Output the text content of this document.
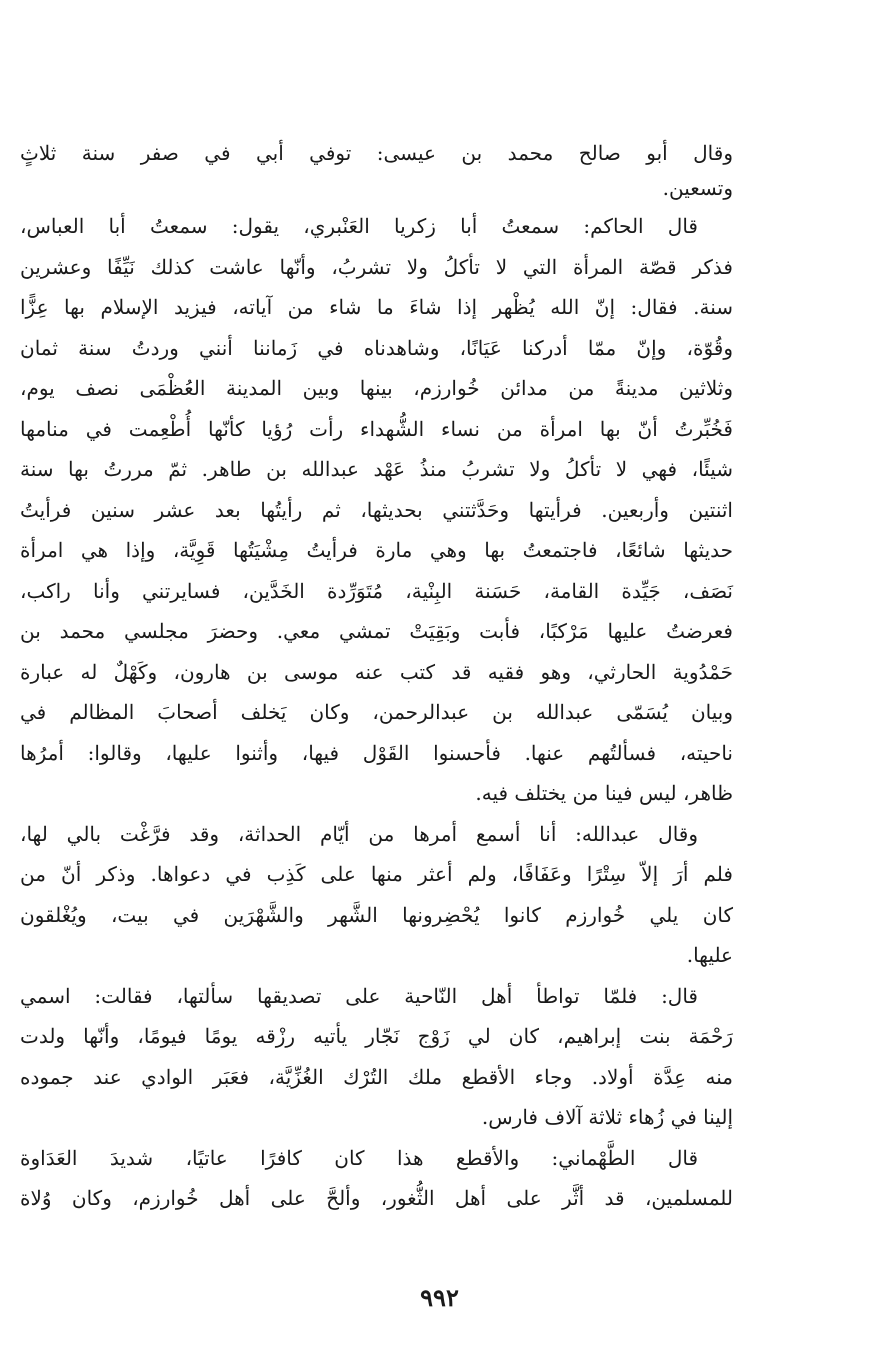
وقال أبو صالح محمد بن عيسى: توفي أبي في صفر سنة ثلاثٍ
وتسعين.
قال الحاكم: سمعتُ أبا زكريا العَنْبري، يقول: سمعتُ أبا العباس،
فذكر قصّة المرأة التي لا تأكلُ ولا تشربُ، وأنّها عاشت كذلك نَيِّفًا وعشرين
سنة. فقال: إنّ الله يُظْهر إذا شاءَ ما شاء من آياته، فيزيد الإسلام بها عِزًّا
وقُوّة، وإنّ ممّا أدركنا عَيَانًا، وشاهدناه في زَماننا أنني وردتُ سنة ثمان
وثلاثين مدينةً من مدائن خُوارزم، بينها وبين المدينة العُظْمَى نصف يوم،
فَخُبِّرتُ أنّ بها امرأة من نساء الشُّهداء رأت رُؤيا كأنّها أُطْعِمت في منامها
شيئًا، فهي لا تأكلُ ولا تشربُ منذُ عَهْد عبدالله بن طاهر. ثمّ مررتُ بها سنة
اثنتين وأربعين. فرأيتها وحَدَّثتني بحديثها، ثم رأيتُها بعد عشر سنين فرأيتُ
حديثها شائعًا، فاجتمعتُ بها وهي مارة فرأيتُ مِشْيَتُها قَوِيَّة، وإذا هي امرأة
نَصَف، جَيِّدة القامة، حَسَنة البِنْية، مُتَوَرِّدة الخَدَّين، فسايرتني وأنا راكب،
فعرضتُ عليها مَرْكبًا، فأبت وبَقِيَتْ تمشي معي. وحضرَ مجلسي محمد بن
حَمْدُوية الحارثي، وهو فقيه قد كتب عنه موسى بن هارون، وكَهْلٌ له عبارة
وبيان يُسَمّى عبدالله بن عبدالرحمن، وكان يَخلف أصحابَ المظالم في
ناحيته، فسألتُهم عنها. فأحسنوا القَوْل فيها، وأثنوا عليها، وقالوا: أمرُها
ظاهر، ليس فينا من يختلف فيه.
وقال عبدالله: أنا أسمع أمرها من أيّام الحداثة، وقد فرَّغْت بالي لها،
فلم أرَ إلاّ سِتْرًا وعَفَافًا، ولم أعثر منها على كَذِب في دعواها. وذكر أنّ من
كان يلي خُوارزم كانوا يُحْضِرونها الشَّهر والشَّهْرَين في بيت، ويُغْلقون
عليها.
قال: فلمّا تواطأ أهل النّاحية على تصديقها سألتها، فقالت: اسمي
رَحْمَة بنت إبراهيم، كان لي زَوْج نَجّار يأتيه رزْقه يومًا فيومًا، وأنّها ولدت
منه عِدَّة أولاد. وجاء الأقطع ملك التُرْك الغُزِّيَّة، فعَبَر الوادي عند جموده
إلينا في زُهاء ثلاثة آلاف فارس.
قال الطَّهْماني: والأقطع هذا كان كافرًا عاتيًا، شديدَ العَدَاوة
للمسلمين، قد أثَّر على أهل الثُّغور، وألحَّ على أهل خُوارزم، وكان وُلاة
٩٩٢
